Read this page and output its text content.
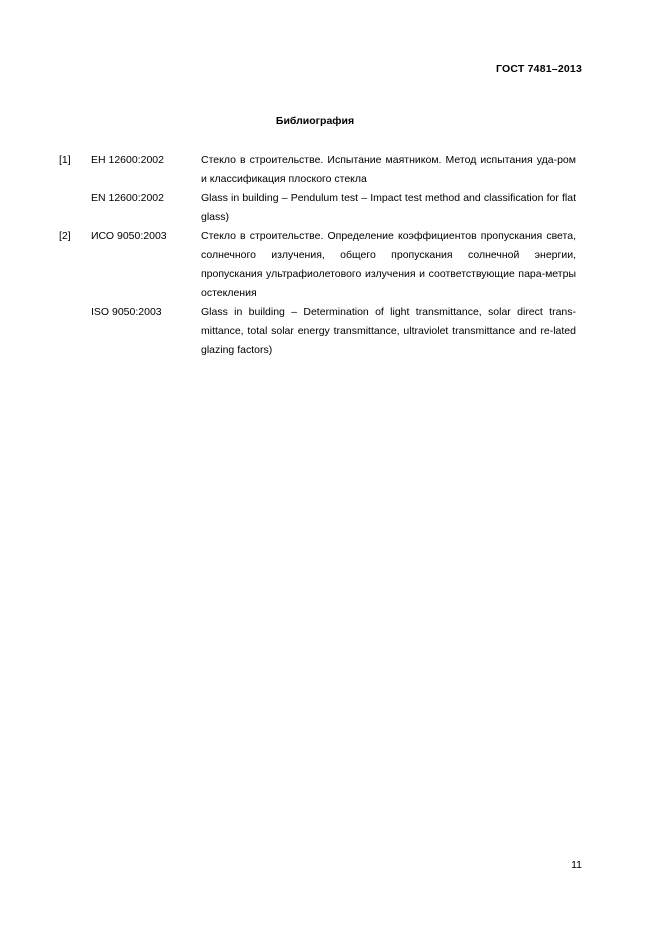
ГОСТ 7481–2013
Библиография
[1] ЕН 12600:2002	Стекло в строительстве. Испытание маятником. Метод испытания уда-ром и классификация плоского стекла
EN 12600:2002	Glass in building – Pendulum test – Impact test method and classification for flat glass)
[2] ИСО 9050:2003	Стекло в строительстве. Определение коэффициентов пропускания света, солнечного излучения, общего пропускания солнечной энергии, пропускания ультрафиолетового излучения и соответствующие пара-метры остекления
ISO 9050:2003	Glass in building – Determination of light transmittance, solar direct trans-mittance, total solar energy transmittance, ultraviolet transmittance and re-lated glazing factors)
11
